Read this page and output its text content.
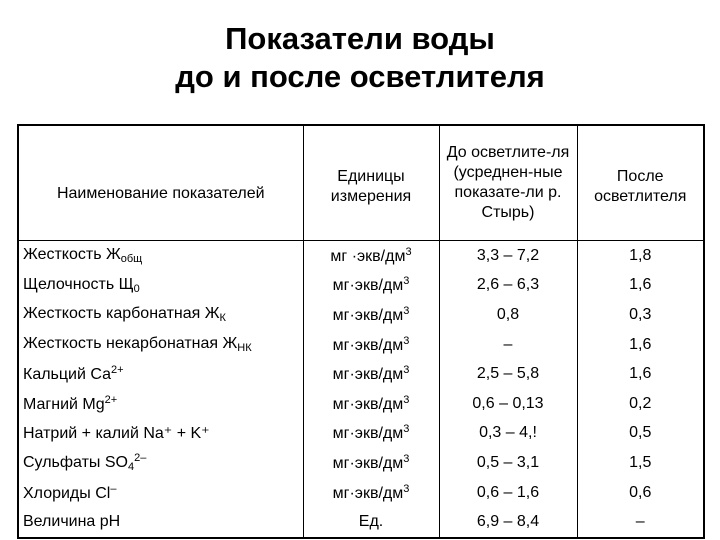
Показатели воды
до и после осветлителя
Наименование показателей	Единицы измерения	До осветлите-ля (усреднен-ные показате-ли р. Стырь)	После осветлителя
Жесткость $Ж_{общ}$	мг $\cdot экв/дм^3$	3,3 – 7,2	1,8
Щелочность $Щ_0$	$мг\cdot экв/дм^3$	2,6 – 6,3	1,6
Жесткость карбонатная $Ж_К$	$мг\cdot экв/дм^3$	0,8	0,3
Жесткость некарбонатная $Ж_{НК}$	$мг\cdot экв/дм^3$	–	1,6
Кальций $Са^{2+}$	$мг\cdot экв/дм^3$	2,5 – 5,8	1,6
Магний $Mg^{2+}$	$мг\cdot экв/дм^3$	0,6 – 0,13	0,2
Натрий + калий Na⁺ + K⁺	$мг\cdot экв/дм^3$	0,3 – 4,!	0,5
Сульфаты $SO_4^{2-}$	$мг\cdot экв/дм^3$	0,5 – 3,1	1,5
Хлориды Cl–	$мг\cdot экв/дм^3$	0,6 – 1,6	0,6
Величина рН	Ед.	6,9 – 8,4	–
